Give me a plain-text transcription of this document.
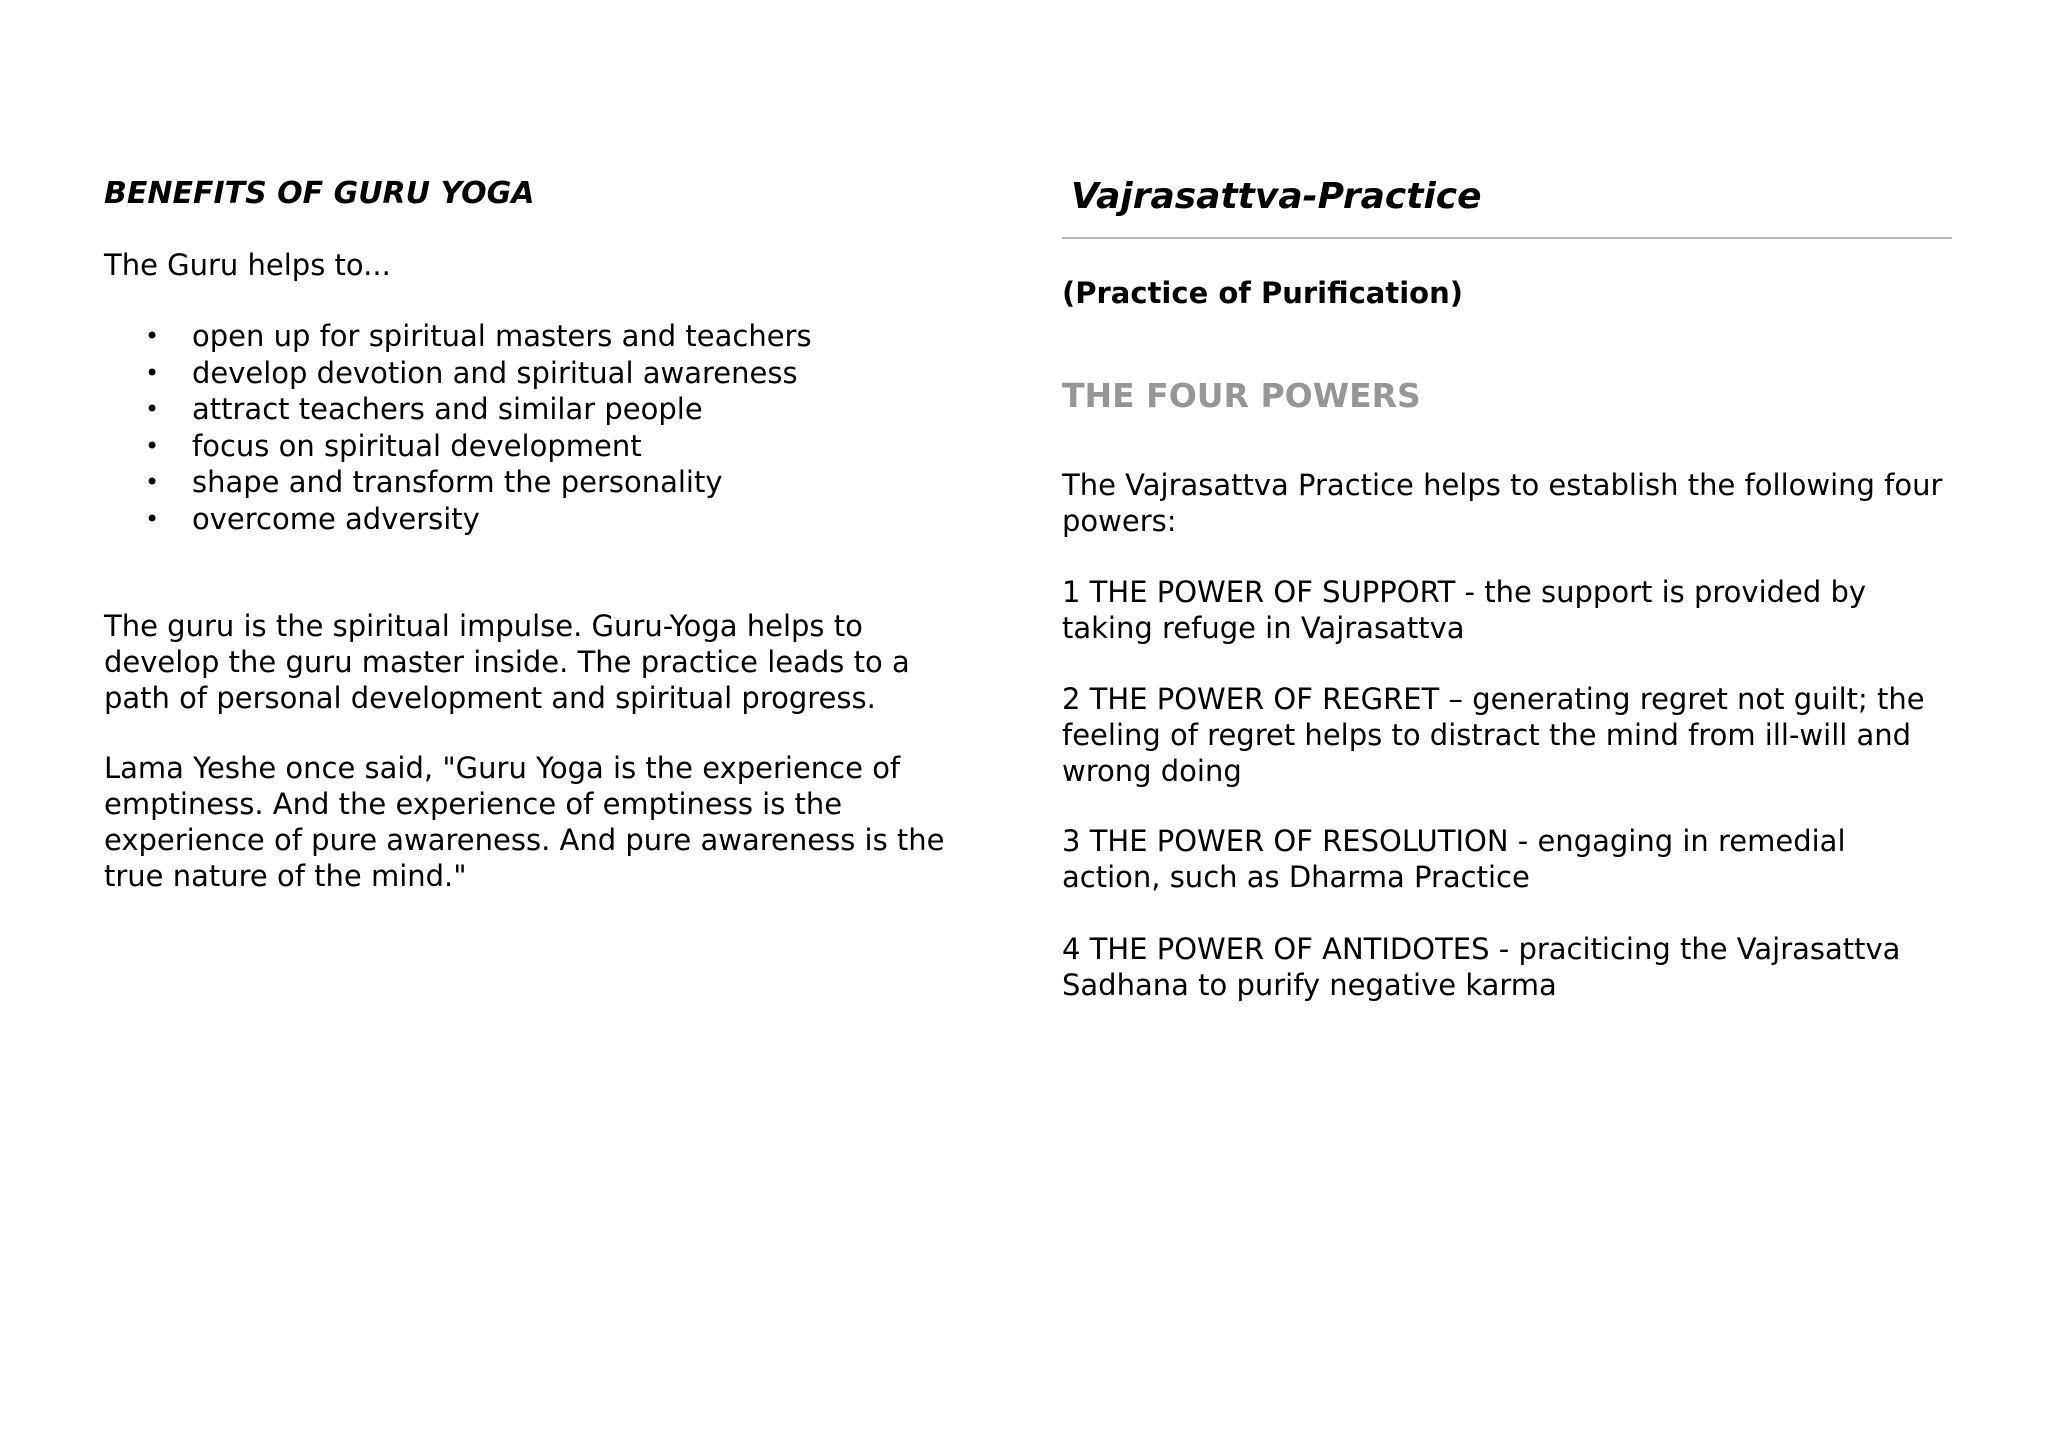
BENEFITS OF GURU YOGA

The Guru helps to...

• open up for spiritual masters and teachers
• develop devotion and spiritual awareness
• attract teachers and similar people
• focus on spiritual development
• shape and transform the personality
• overcome adversity

The guru is the spiritual impulse. Guru-Yoga helps to develop the guru master inside. The practice leads to a path of personal development and spiritual progress.

Lama Yeshe once said, "Guru Yoga is the experience of emptiness. And the experience of emptiness is the experience of pure awareness. And pure awareness is the true nature of the mind."

Vajrasattva-Practice

(Practice of Purification)

THE FOUR POWERS

The Vajrasattva Practice helps to establish the following four powers:

1 THE POWER OF SUPPORT - the support is provided by taking refuge in Vajrasattva

2 THE POWER OF REGRET – generating regret not guilt; the feeling of regret helps to distract the mind from ill-will and wrong doing

3 THE POWER OF RESOLUTION - engaging in remedial action, such as Dharma Practice

4 THE POWER OF ANTIDOTES - praciticing the Vajrasattva Sadhana to purify negative karma
